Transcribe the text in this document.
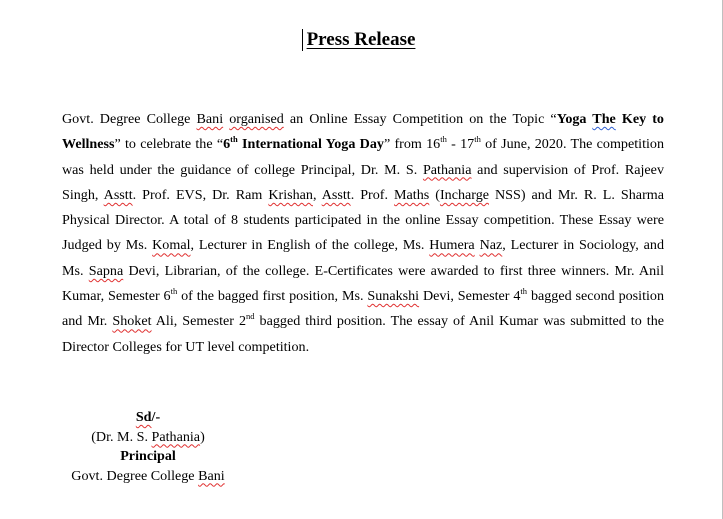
Press Release

Govt. Degree College Bani organised an Online Essay Competition on the Topic “Yoga The Key to Wellness” to celebrate the “6th International Yoga Day” from 16th - 17th of June, 2020. The competition was held under the guidance of college Principal, Dr. M. S. Pathania and supervision of Prof. Rajeev Singh, Asstt. Prof. EVS, Dr. Ram Krishan, Asstt. Prof. Maths (Incharge NSS) and Mr. R. L. Sharma Physical Director. A total of 8 students participated in the online Essay competition. These Essay were Judged by Ms. Komal, Lecturer in English of the college, Ms. Humera Naz, Lecturer in Sociology, and Ms. Sapna Devi, Librarian, of the college. E-Certificates were awarded to first three winners. Mr. Anil Kumar, Semester 6th of the bagged first position, Ms. Sunakshi Devi, Semester 4th bagged second position and Mr. Shoket Ali, Semester 2nd bagged third position. The essay of Anil Kumar was submitted to the Director Colleges for UT level competition.

Sd/-
(Dr. M. S. Pathania)
Principal
Govt. Degree College Bani
